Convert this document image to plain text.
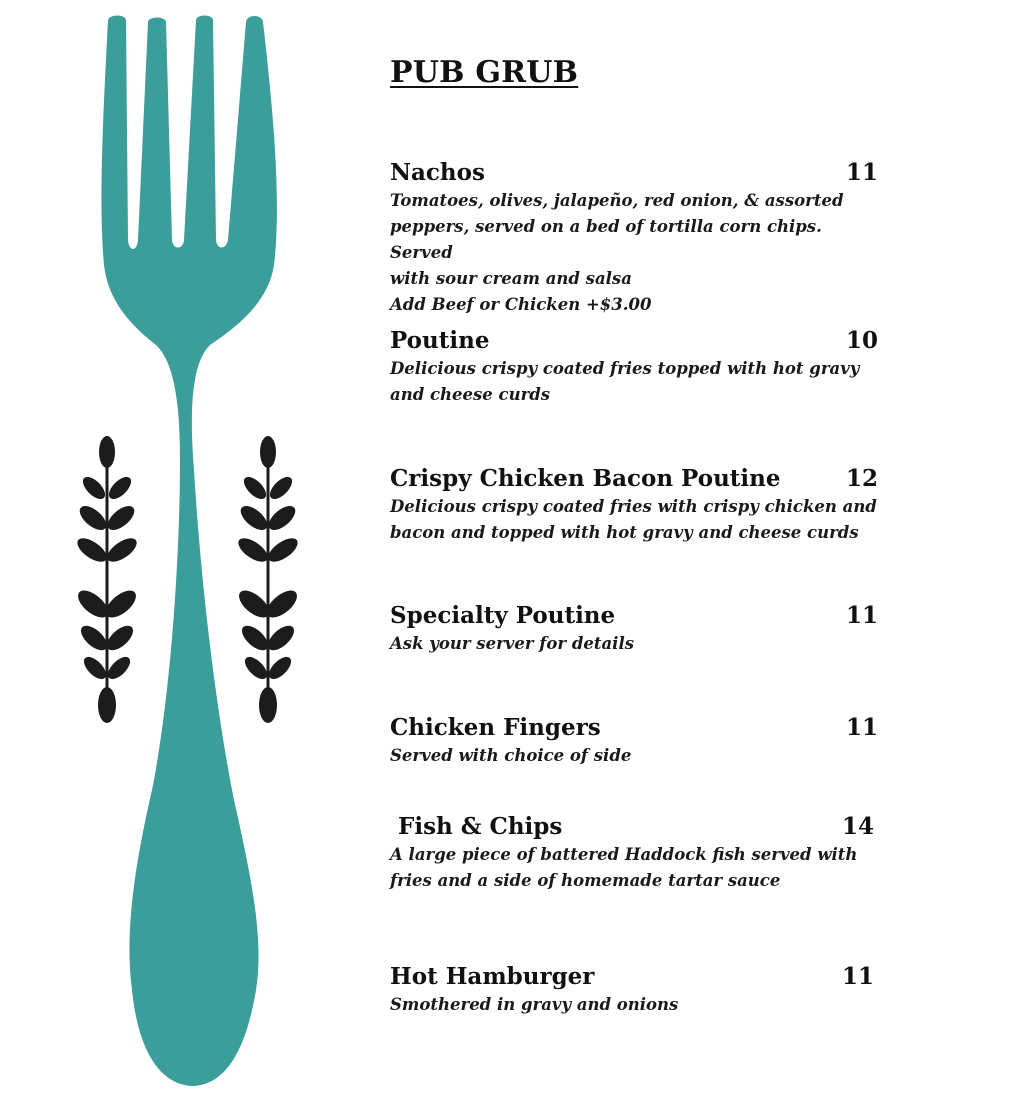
PUB GRUB
Nachos	11
Tomatoes, olives, jalapeño, red onion, & assorted
peppers, served on a bed of tortilla corn chips. Served
with sour cream and salsa
Add Beef or Chicken +$3.00
Poutine	10
Delicious crispy coated fries topped with hot gravy
and cheese curds
Crispy Chicken Bacon Poutine	12
Delicious crispy coated fries with crispy chicken and
bacon and topped with hot gravy and cheese curds
Specialty Poutine	11
Ask your server for details
Chicken Fingers	11
Served with choice of side
Fish & Chips	14
A large piece of battered Haddock fish served with
fries and a side of homemade tartar sauce
Hot Hamburger	11
Smothered in gravy and onions
